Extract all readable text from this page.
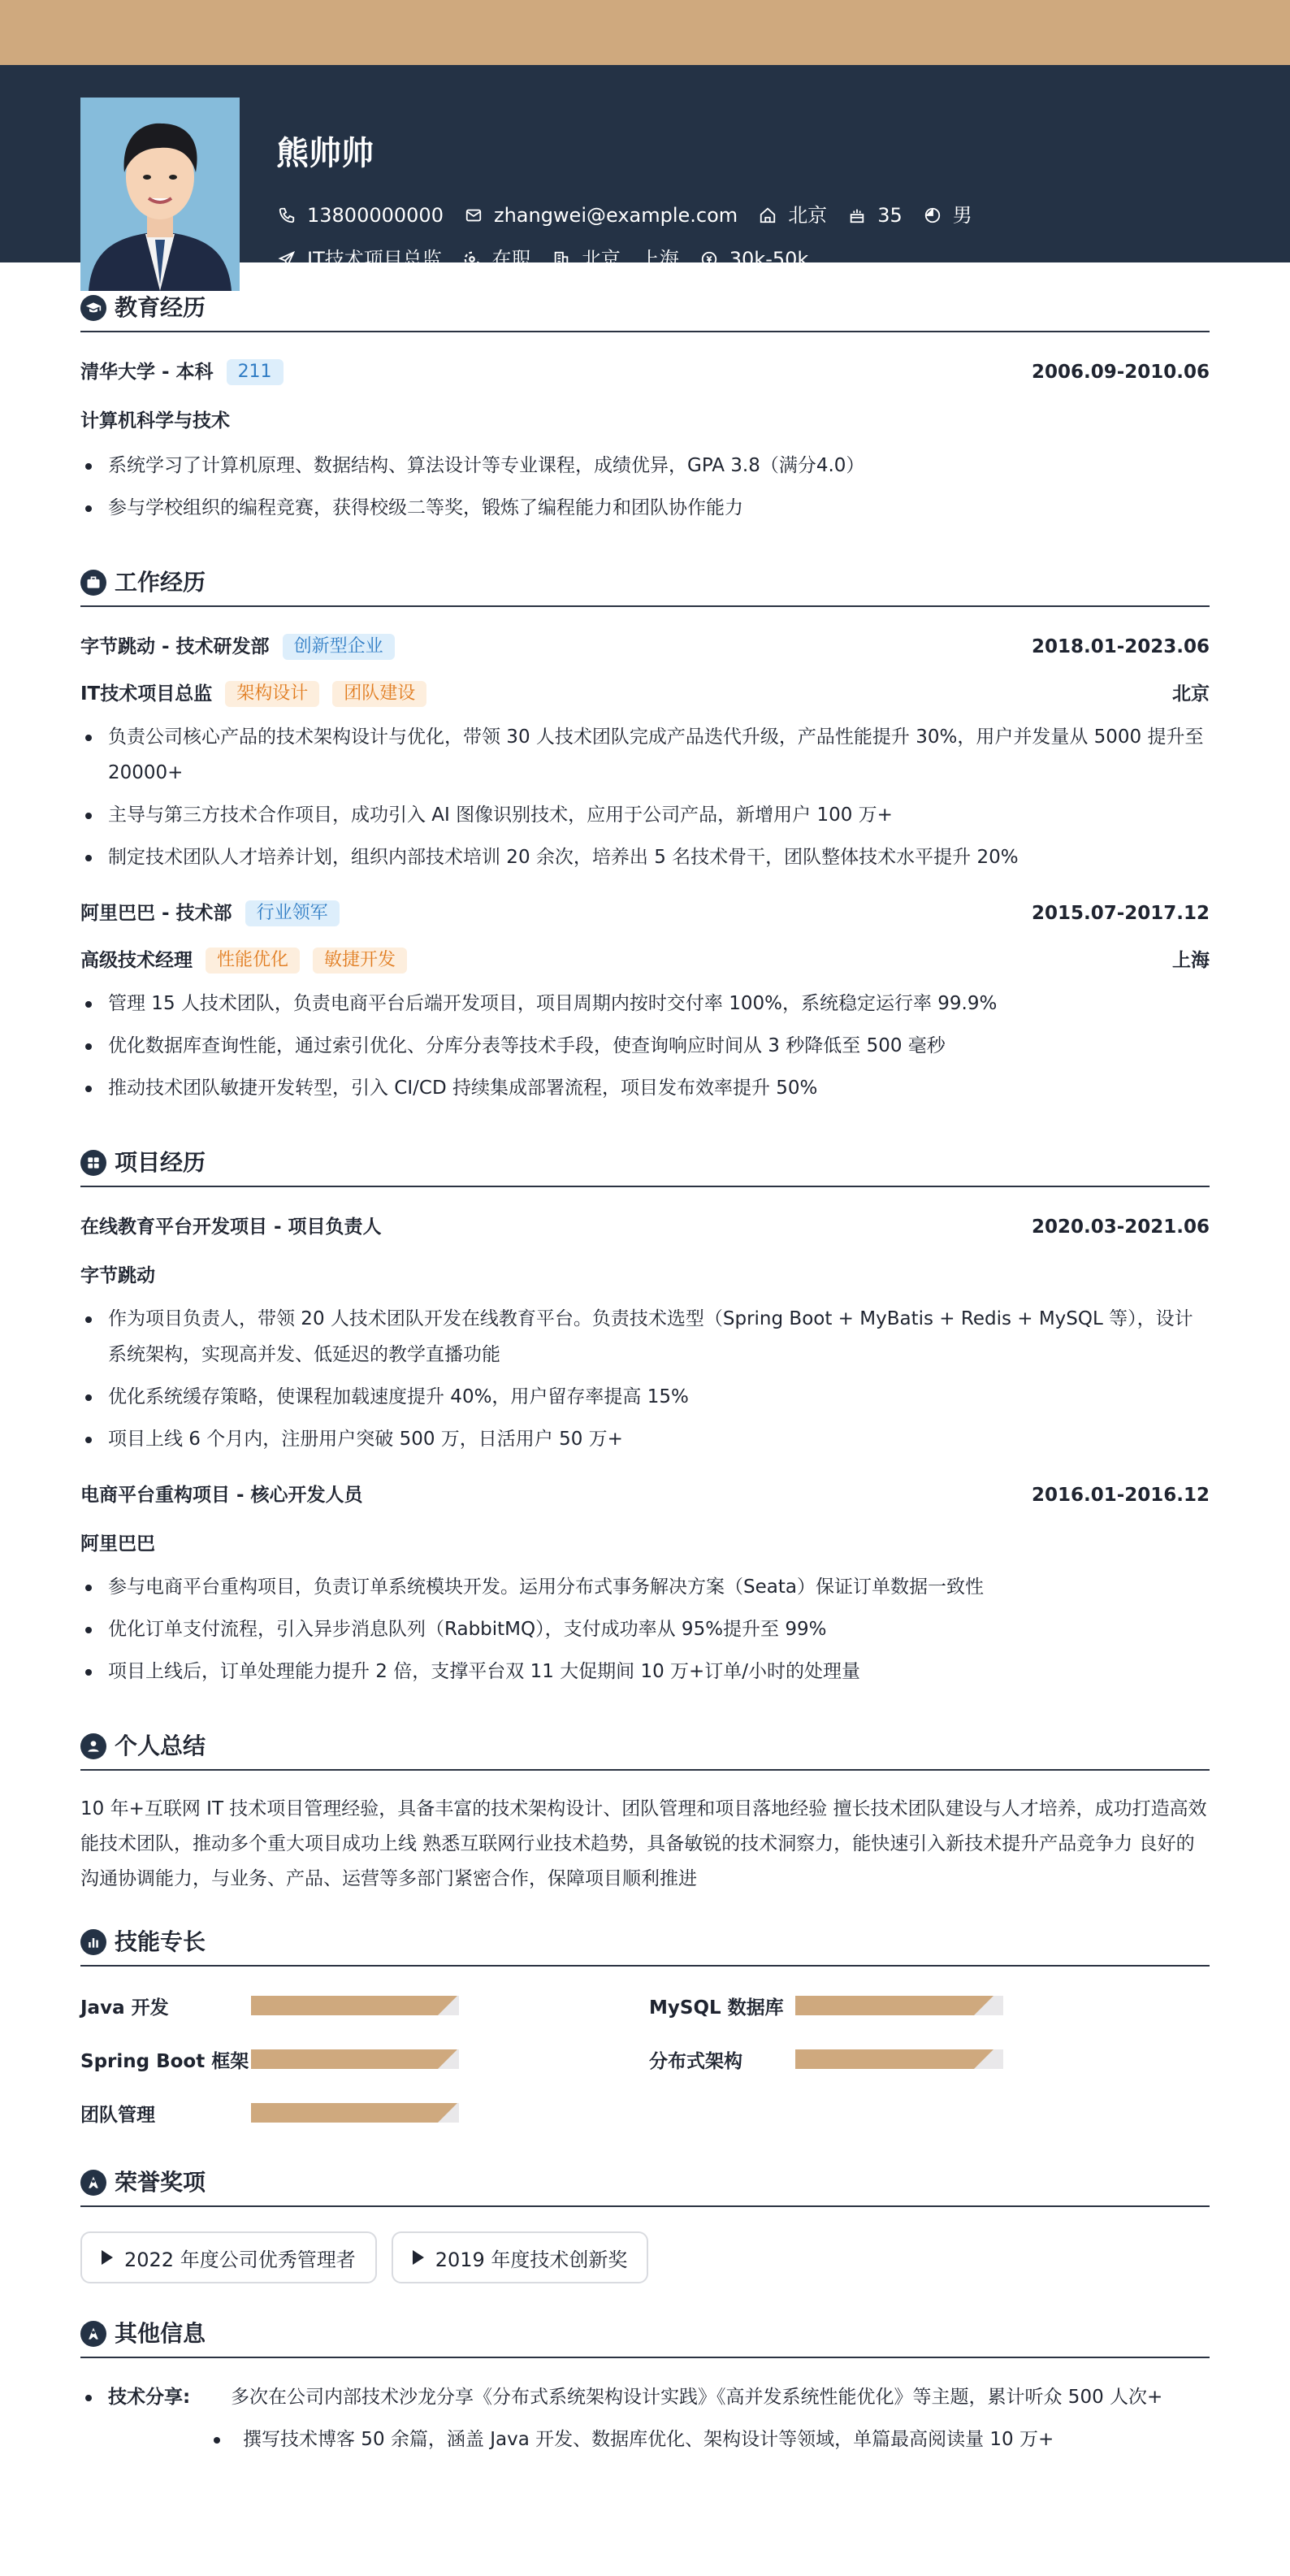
熊帅帅
13800000000	zhangwei@example.com	北京	35	男
IT技术项目总监	在职	北京、上海	30k-50k
教育经历
清华大学 - 本科	211	2006.09-2010.06
计算机科学与技术
系统学习了计算机原理、数据结构、算法设计等专业课程，成绩优异，GPA 3.8（满分4.0）
参与学校组织的编程竞赛，获得校级二等奖，锻炼了编程能力和团队协作能力
工作经历
字节跳动 - 技术研发部	创新型企业	2018.01-2023.06
IT技术项目总监	架构设计	团队建设	北京
负责公司核心产品的技术架构设计与优化，带领 30 人技术团队完成产品迭代升级，产品性能提升 30%，用户并发量从 5000 提升至 20000+
主导与第三方技术合作项目，成功引入 AI 图像识别技术，应用于公司产品，新增用户 100 万+
制定技术团队人才培养计划，组织内部技术培训 20 余次，培养出 5 名技术骨干，团队整体技术水平提升 20%
阿里巴巴 - 技术部	行业领军	2015.07-2017.12
高级技术经理	性能优化	敏捷开发	上海
管理 15 人技术团队，负责电商平台后端开发项目，项目周期内按时交付率 100%，系统稳定运行率 99.9%
优化数据库查询性能，通过索引优化、分库分表等技术手段，使查询响应时间从 3 秒降低至 500 毫秒
推动技术团队敏捷开发转型，引入 CI/CD 持续集成部署流程，项目发布效率提升 50%
项目经历
在线教育平台开发项目 - 项目负责人	2020.03-2021.06
字节跳动
作为项目负责人，带领 20 人技术团队开发在线教育平台。负责技术选型（Spring Boot + MyBatis + Redis + MySQL 等），设计系统架构，实现高并发、低延迟的教学直播功能
优化系统缓存策略，使课程加载速度提升 40%，用户留存率提高 15%
项目上线 6 个月内，注册用户突破 500 万，日活用户 50 万+
电商平台重构项目 - 核心开发人员	2016.01-2016.12
阿里巴巴
参与电商平台重构项目，负责订单系统模块开发。运用分布式事务解决方案（Seata）保证订单数据一致性
优化订单支付流程，引入异步消息队列（RabbitMQ），支付成功率从 95%提升至 99%
项目上线后，订单处理能力提升 2 倍，支撑平台双 11 大促期间 10 万+订单/小时的处理量
个人总结

10 年+互联网 IT 技术项目管理经验，具备丰富的技术架构设计、团队管理和项目落地经验 擅长技术团队建设与人才培养，成功打造高效能技术团队，推动多个重大项目成功上线 熟悉互联网行业技术趋势，具备敏锐的技术洞察力，能快速引入新技术提升产品竞争力 良好的沟通协调能力，与业务、产品、运营等多部门紧密合作，保障项目顺利推进

技能专长
Java 开发	MySQL 数据库
Spring Boot 框架	分布式架构
团队管理
荣誉奖项
2022 年度公司优秀管理者	2019 年度技术创新奖
其他信息
技术分享:	多次在公司内部技术沙龙分享《分布式系统架构设计实践》《高并发系统性能优化》等主题，累计听众 500 人次+
撰写技术博客 50 余篇，涵盖 Java 开发、数据库优化、架构设计等领域，单篇最高阅读量 10 万+
